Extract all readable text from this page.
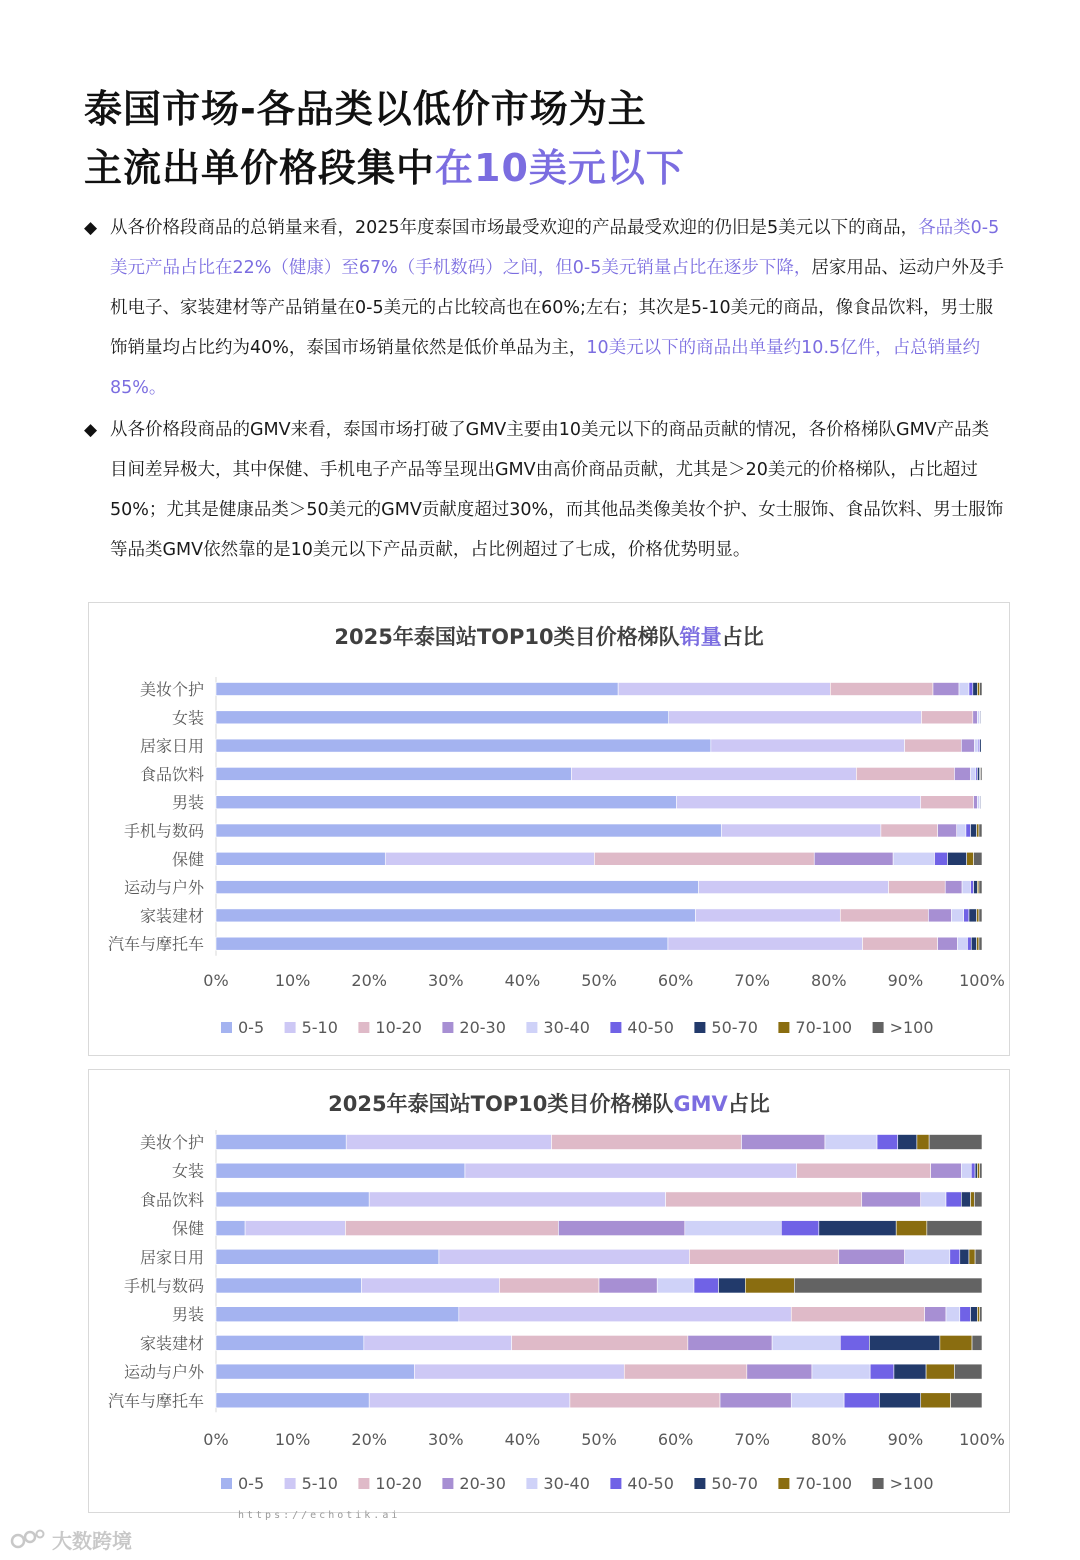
泰国市场-各品类以低价市场为主
主流出单价格段集中在10美元以下
◆ 从各价格段商品的总销量来看，2025年度泰国市场最受欢迎的产品最受欢迎的仍旧是5美元以下的商品，各品类0-5美元产品占比在22%（健康）至67%（手机数码）之间，但0-5美元销量占比在逐步下降，居家用品、运动户外及手机电子、家装建材等产品销量在0-5美元的占比较高也在60%;左右；其次是5-10美元的商品，像食品饮料，男士服饰销量均占比约为40%，泰国市场销量依然是低价单品为主，10美元以下的商品出单量约10.5亿件，占总销量约85%。
◆ 从各价格段商品的GMV来看，泰国市场打破了GMV主要由10美元以下的商品贡献的情况，各价格梯队GMV产品类目间差异极大，其中保健、手机电子产品等呈现出GMV由高价商品贡献，尤其是＞20美元的价格梯队，占比超过50%；尤其是健康品类＞50美元的GMV贡献度超过30%，而其他品类像美妆个护、女士服饰、食品饮料、男士服饰等品类GMV依然靠的是10美元以下产品贡献，占比例超过了七成，价格优势明显。
2025年泰国站TOP10类目价格梯队销量占比
美妆个护
女装
居家日用
食品饮料
男装
手机与数码
保健
运动与户外
家装建材
汽车与摩托车
0%	10%	20%	30%	40%	50%	60%	70%	80%	90% 100%
0-5 5-10 10-20 20-30 30-40 40-50 50-70 70-100 >100
2025年泰国站TOP10类目价格梯队GMV占比
美妆个护
女装
食品饮料
保健
居家日用
手机与数码
男装
家装建材
运动与户外
汽车与摩托车
0%	10%	20%	30%	40%	50%	60%	70%	80%	90% 100%
0-5 5-10 10-20 20-30 30-40 40-50 50-70 70-100 >100
https://echotik.ai
大数跨境
